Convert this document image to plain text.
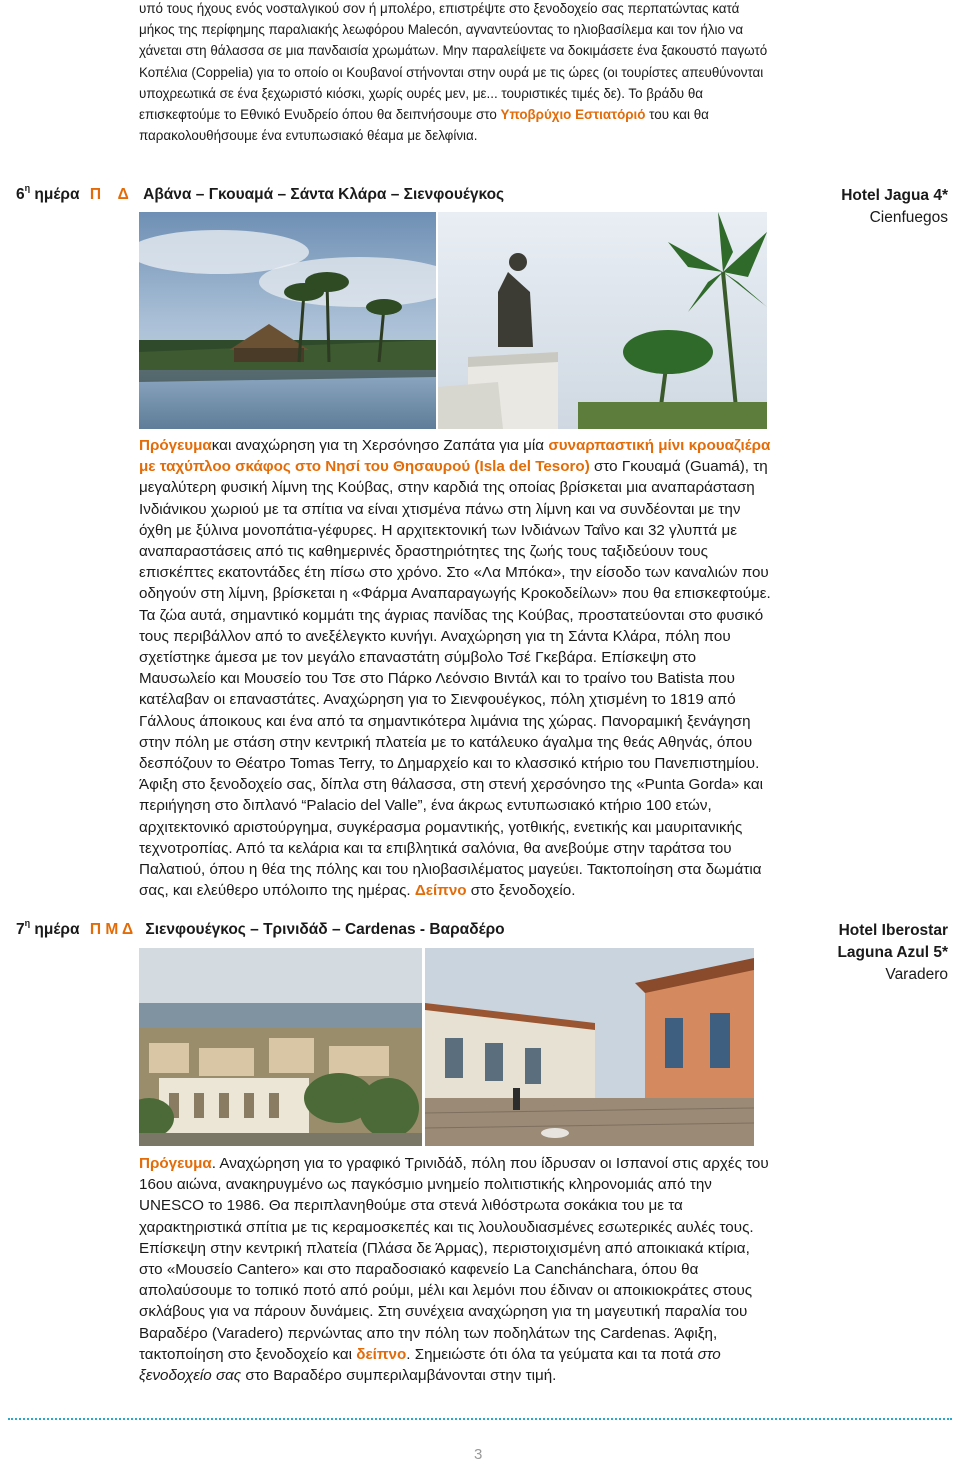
υπό τους ήχους ενός νοσταλγικού σον ή μπολέρο, επιστρέψτε στο ξενοδοχείο σας περπατώντας κατά μήκος της περίφημης παραλιακής λεωφόρου Malecón, αγναντεύοντας το ηλιοβασίλεμα και τον ήλιο να χάνεται στη θάλασσα σε μια πανδαισία χρωμάτων. Μην παραλείψετε να δοκιμάσετε ένα ξακουστό παγωτό Κοπέλια (Coppelia) για το οποίο οι Κουβανοί στήνονται στην ουρά με τις ώρες (οι τουρίστες απευθύνονται υποχρεωτικά σε ένα ξεχωριστό κιόσκι, χωρίς ουρές μεν, με... τουριστικές τιμές δε). Το βράδυ θα επισκεφτούμε το Εθνικό Ενυδρείο όπου θα δειπνήσουμε στο Υποβρύχιο Εστιατόριό του και θα παρακολουθήσουμε ένα εντυπωσιακό θέαμα με δελφίνια.
$6^\eta$ ημέρα Π    Δ Αβάνα – Γκουαμά – Σάντα Κλάρα – Σιενφουέγκος	Hotel Jagua 4*
Cienfuegos
Πρόγευμακαι αναχώρηση για τη Χερσόνησο Ζαπάτα για μία συναρπαστική μίνι κρουαζιέρα με ταχύπλοο σκάφος στο Νησί του Θησαυρού (Isla del Tesoro) στο Γκουαμά (Guamá), τη μεγαλύτερη φυσική λίμνη της Κούβας, στην καρδιά της οποίας βρίσκεται μια αναπαράσταση Ινδιάνικου χωριού με τα σπίτια να είναι χτισμένα πάνω στη λίμνη και να συνδέονται με την όχθη με ξύλινα μονοπάτια-γέφυρες. Η αρχιτεκτονική των Ινδιάνων Ταΐνο και 32 γλυπτά με αναπαραστάσεις από τις καθημερινές δραστηριότητες της ζωής τους ταξιδεύουν τους επισκέπτες εκατοντάδες έτη πίσω στο χρόνο. Στο «Λα Μπόκα», την είσοδο των καναλιών που οδηγούν στη λίμνη, βρίσκεται η «Φάρμα Αναπαραγωγής Κροκοδείλων» που θα επισκεφτούμε. Τα ζώα αυτά, σημαντικό κομμάτι της άγριας πανίδας της Κούβας, προστατεύονται στο φυσικό τους περιβάλλον από το ανεξέλεγκτο κυνήγι. Αναχώρηση για τη Σάντα Κλάρα, πόλη που σχετίστηκε άμεσα με τον μεγάλο επαναστάτη σύμβολο Τσέ Γκεβάρα. Επίσκεψη στο Μαυσωλείο και Μουσείο του Τσε στο Πάρκο Λεόνσιο Βιντάλ και το τραίνο του Batista που κατέλαβαν οι επαναστάτες. Αναχώρηση για το Σιενφουέγκος, πόλη χτισμένη το 1819 από Γάλλους άποικους και ένα από τα σημαντικότερα λιμάνια της χώρας. Πανοραμική ξενάγηση στην πόλη με στάση στην κεντρική πλατεία με το κατάλευκο άγαλμα της θεάς Αθηνάς, όπου δεσπόζουν το Θέατρο Tomas Terry, το Δημαρχείο και το κλασσικό κτήριο του Πανεπιστημίου. Άφιξη στο ξενοδοχείο σας, δίπλα στη θάλασσα, στη στενή χερσόνησο της «Punta Gorda» και περιήγηση στο διπλανό “Palacio del Valle”, ένα άκρως εντυπωσιακό κτήριο 100 ετών, αρχιτεκτονικό αριστούργημα, συγκέρασμα ρομαντικής, γοτθικής, ενετικής και μαυριτανικής τεχνοτροπίας. Από τα κελάρια και τα επιβλητικά σαλόνια, θα ανεβούμε στην ταράτσα του Παλατιού, όπου η θέα της πόλης και του ηλιοβασιλέματος μαγεύει. Τακτοποίηση στα δωμάτια σας, και ελεύθερο υπόλοιπο της ημέρας. Δείπνο στο ξενοδοχείο.
$7^\eta$ ημέρα Π Μ Δ Σιενφουέγκος – Τρινιδάδ – Cardenas - Βαραδέρο	Hotel Iberostar
Laguna Azul 5*
Varadero
Πρόγευμα. Αναχώρηση για το γραφικό Τρινιδάδ, πόλη που ίδρυσαν οι Ισπανοί στις αρχές του 16ου αιώνα, ανακηρυγμένο ως παγκόσμιο μνημείο πολιτιστικής κληρονομιάς από την UNESCO το 1986. Θα περιπλανηθούμε στα στενά λιθόστρωτα σοκάκια του με τα χαρακτηριστικά σπίτια με τις κεραμοσκεπές και τις λουλουδιασμένες εσωτερικές αυλές τους. Επίσκεψη στην κεντρική πλατεία (Πλάσα δε Άρμας), περιστοιχισμένη από αποικιακά κτίρια, στο «Μουσείο Cantero» και στο παραδοσιακό καφενείο La Canchánchara, όπου θα απολαύσουμε το τοπικό ποτό από ρούμι, μέλι και λεμόνι που έδιναν οι αποικιοκράτες στους σκλάβους για να πάρουν δυνάμεις. Στη συνέχεια αναχώρηση για τη μαγευτική παραλία του Βαραδέρο (Varadero) περνώντας απο την πόλη των ποδηλάτων της Cardenas. Άφιξη, τακτοποίηση στο ξενοδοχείο και δείπνο. Σημειώστε ότι όλα τα γεύματα και τα ποτά στο ξενοδοχείο σας στο Βαραδέρο συμπεριλαμβάνονται στην τιμή.
3
